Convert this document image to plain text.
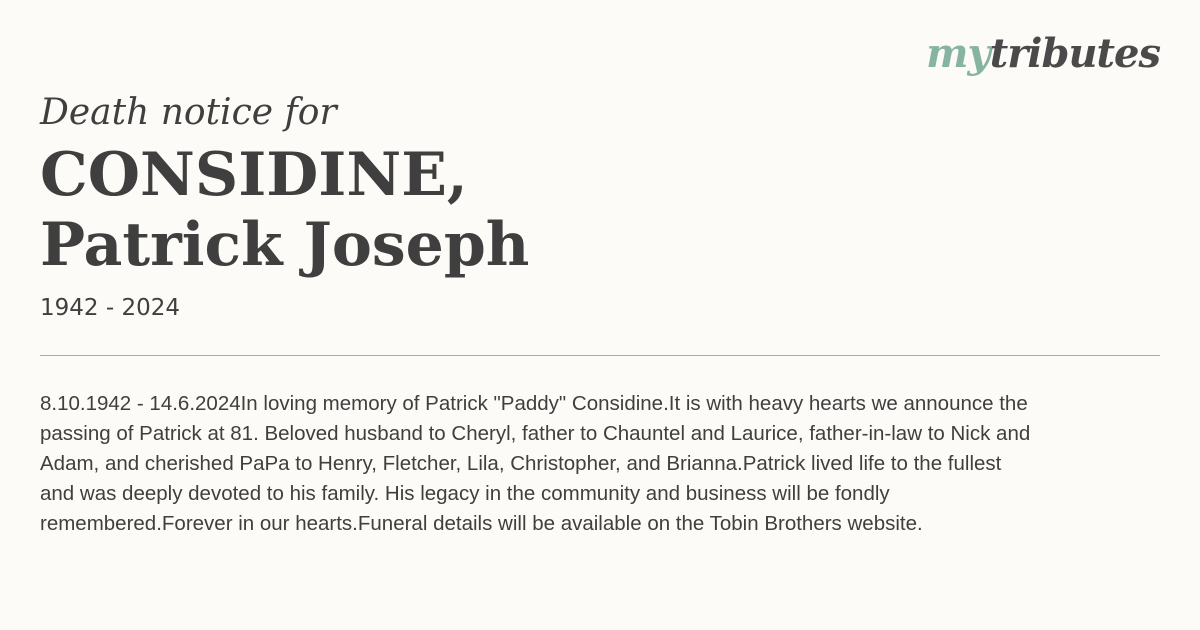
mytributes

Death notice for

CONSIDINE,
Patrick Joseph
1942 - 2024
8.10.1942 - 14.6.2024In loving memory of Patrick "Paddy" Considine.It is with heavy hearts we announce the
passing of Patrick at 81. Beloved husband to Cheryl, father to Chauntel and Laurice, father-in-law to Nick and
Adam, and cherished PaPa to Henry, Fletcher, Lila, Christopher, and Brianna.Patrick lived life to the fullest
and was deeply devoted to his family. His legacy in the community and business will be fondly
remembered.Forever in our hearts.Funeral details will be available on the Tobin Brothers website.
